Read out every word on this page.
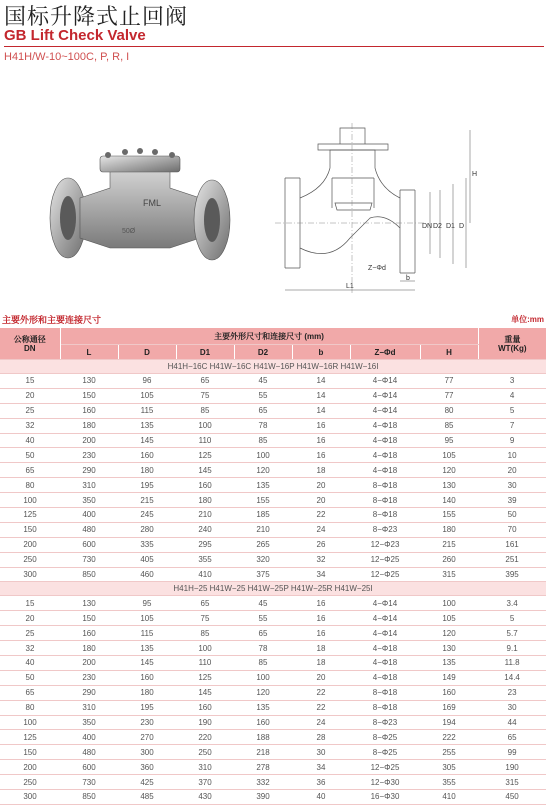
国标升降式止回阀
GB Lift Check Valve
H41H/W-10~100C, P, R, I
FML
50Ø
H
DN D2 D1 D
Z−Φd
b
L1
主要外形和主要连接尺寸	单位:mm
公称通径
DN	主要外形尺寸和连接尺寸 (mm)							重量
WT(Kg)
	L	D	D1	D2	b	Z−Φd	H	
H41H−16C H41W−16C H41W−16P H41W−16R H41W−16I								
15	130	96	65	45	14	4−Φ14	77	3
20	150	105	75	55	14	4−Φ14	77	4
25	160	115	85	65	14	4−Φ14	80	5
32	180	135	100	78	16	4−Φ18	85	7
40	200	145	110	85	16	4−Φ18	95	9
50	230	160	125	100	16	4−Φ18	105	10
65	290	180	145	120	18	4−Φ18	120	20
80	310	195	160	135	20	8−Φ18	130	30
100	350	215	180	155	20	8−Φ18	140	39
125	400	245	210	185	22	8−Φ18	155	50
150	480	280	240	210	24	8−Φ23	180	70
200	600	335	295	265	26	12−Φ23	215	161
250	730	405	355	320	32	12−Φ25	260	251
300	850	460	410	375	34	12−Φ25	315	395
H41H−25 H41W−25 H41W−25P H41W−25R H41W−25I								
15	130	95	65	45	16	4−Φ14	100	3.4
20	150	105	75	55	16	4−Φ14	105	5
25	160	115	85	65	16	4−Φ14	120	5.7
32	180	135	100	78	18	4−Φ18	130	9.1
40	200	145	110	85	18	4−Φ18	135	11.8
50	230	160	125	100	20	4−Φ18	149	14.4
65	290	180	145	120	22	8−Φ18	160	23
80	310	195	160	135	22	8−Φ18	169	30
100	350	230	190	160	24	8−Φ23	194	44
125	400	270	220	188	28	8−Φ25	222	65
150	480	300	250	218	30	8−Φ25	255	99
200	600	360	310	278	34	12−Φ25	305	190
250	730	425	370	332	36	12−Φ30	355	315
300	850	485	430	390	40	16−Φ30	410	450
